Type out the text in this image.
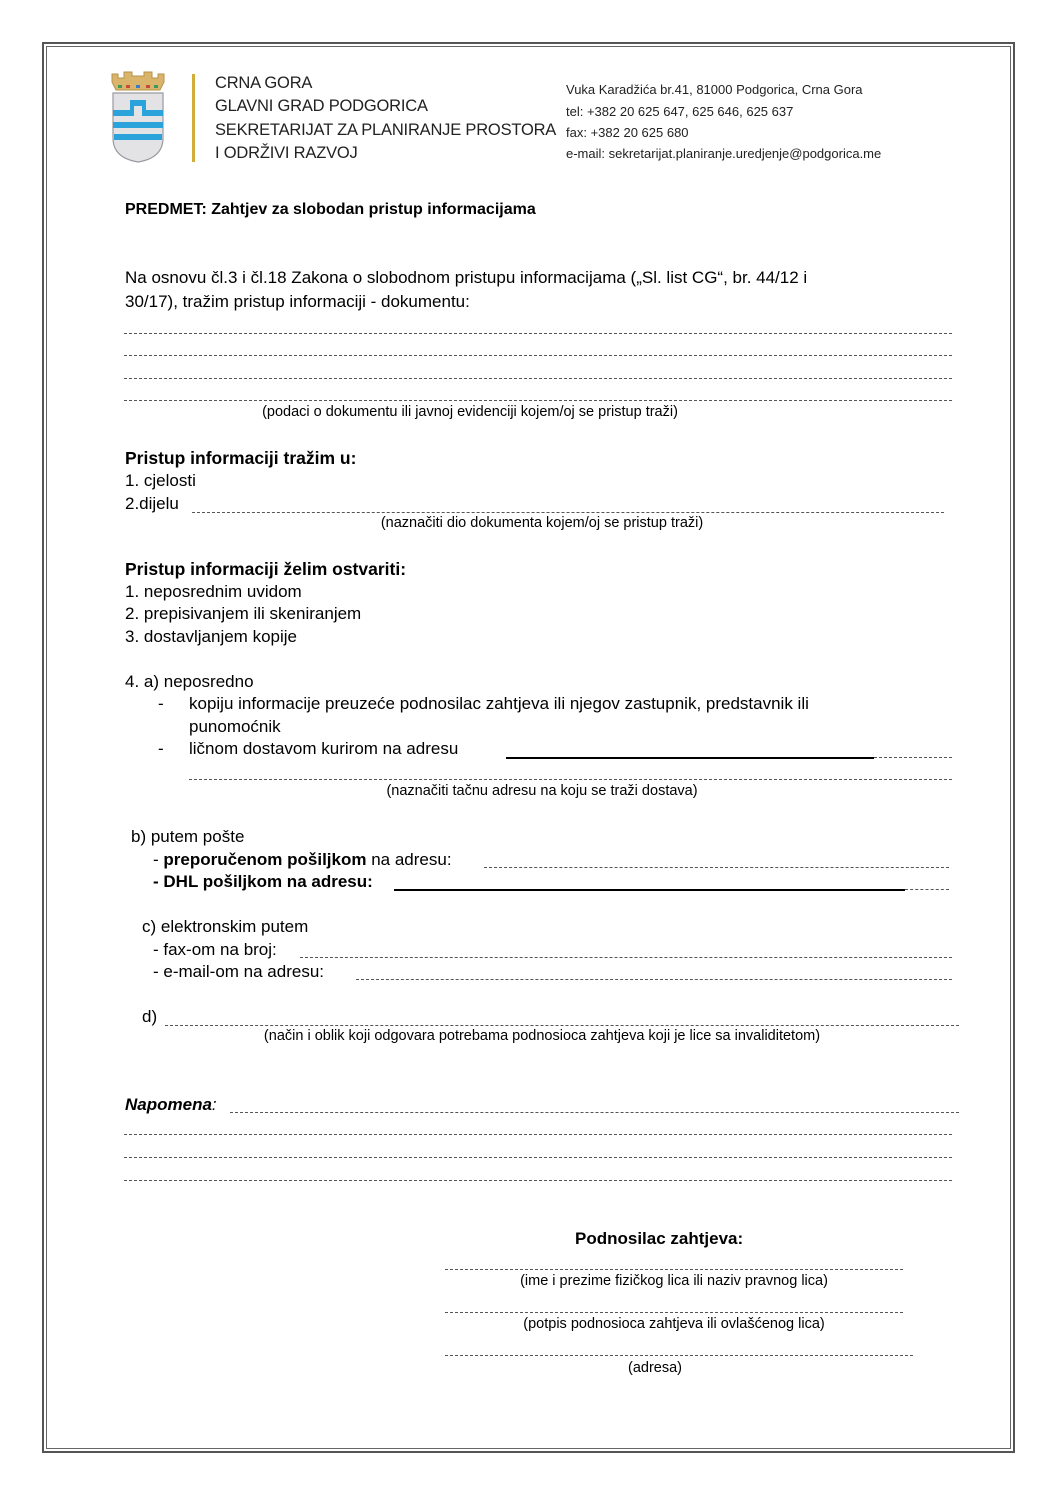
CRNA GORA
GLAVNI GRAD PODGORICA
SEKRETARIJAT ZA PLANIRANJE PROSTORA
I ODRŽIVI RAZVOJ
Vuka Karadžića br.41, 81000 Podgorica, Crna Gora
tel: +382 20 625 647, 625 646, 625 637
fax: +382 20 625 680
e-mail: sekretarijat.planiranje.uredjenje@podgorica.me
PREDMET: Zahtjev za slobodan pristup informacijama
Na osnovu čl.3 i čl.18 Zakona o slobodnom pristupu informacijama („Sl. list CG“, br. 44/12 i
30/17), tražim pristup informaciji - dokumentu:
(podaci o dokumentu ili javnoj evidenciji kojem/oj se pristup traži)
Pristup informaciji tražim u:
1. cjelosti
2.dijelu
(naznačiti dio dokumenta kojem/oj se pristup traži)
Pristup informaciji želim ostvariti:
1. neposrednim uvidom
2. prepisivanjem ili skeniranjem
3. dostavljanjem kopije
4. a) neposredno
- kopiju informacije preuzeće podnosilac zahtjeva ili njegov zastupnik, predstavnik ili
punomoćnik
- ličnom dostavom kurirom na adresu
(naznačiti tačnu adresu na koju se traži dostava)
b) putem pošte
- preporučenom pošiljkom na adresu:
- DHL pošiljkom na adresu:
c) elektronskim putem
- fax-om na broj:
- e-mail-om na adresu:
d)
(način i oblik koji odgovara potrebama podnosioca zahtjeva koji je lice sa invaliditetom)
Napomena:
Podnosilac zahtjeva:
(ime i prezime fizičkog lica ili naziv pravnog lica)
(potpis podnosioca zahtjeva ili ovlašćenog lica)
(adresa)
